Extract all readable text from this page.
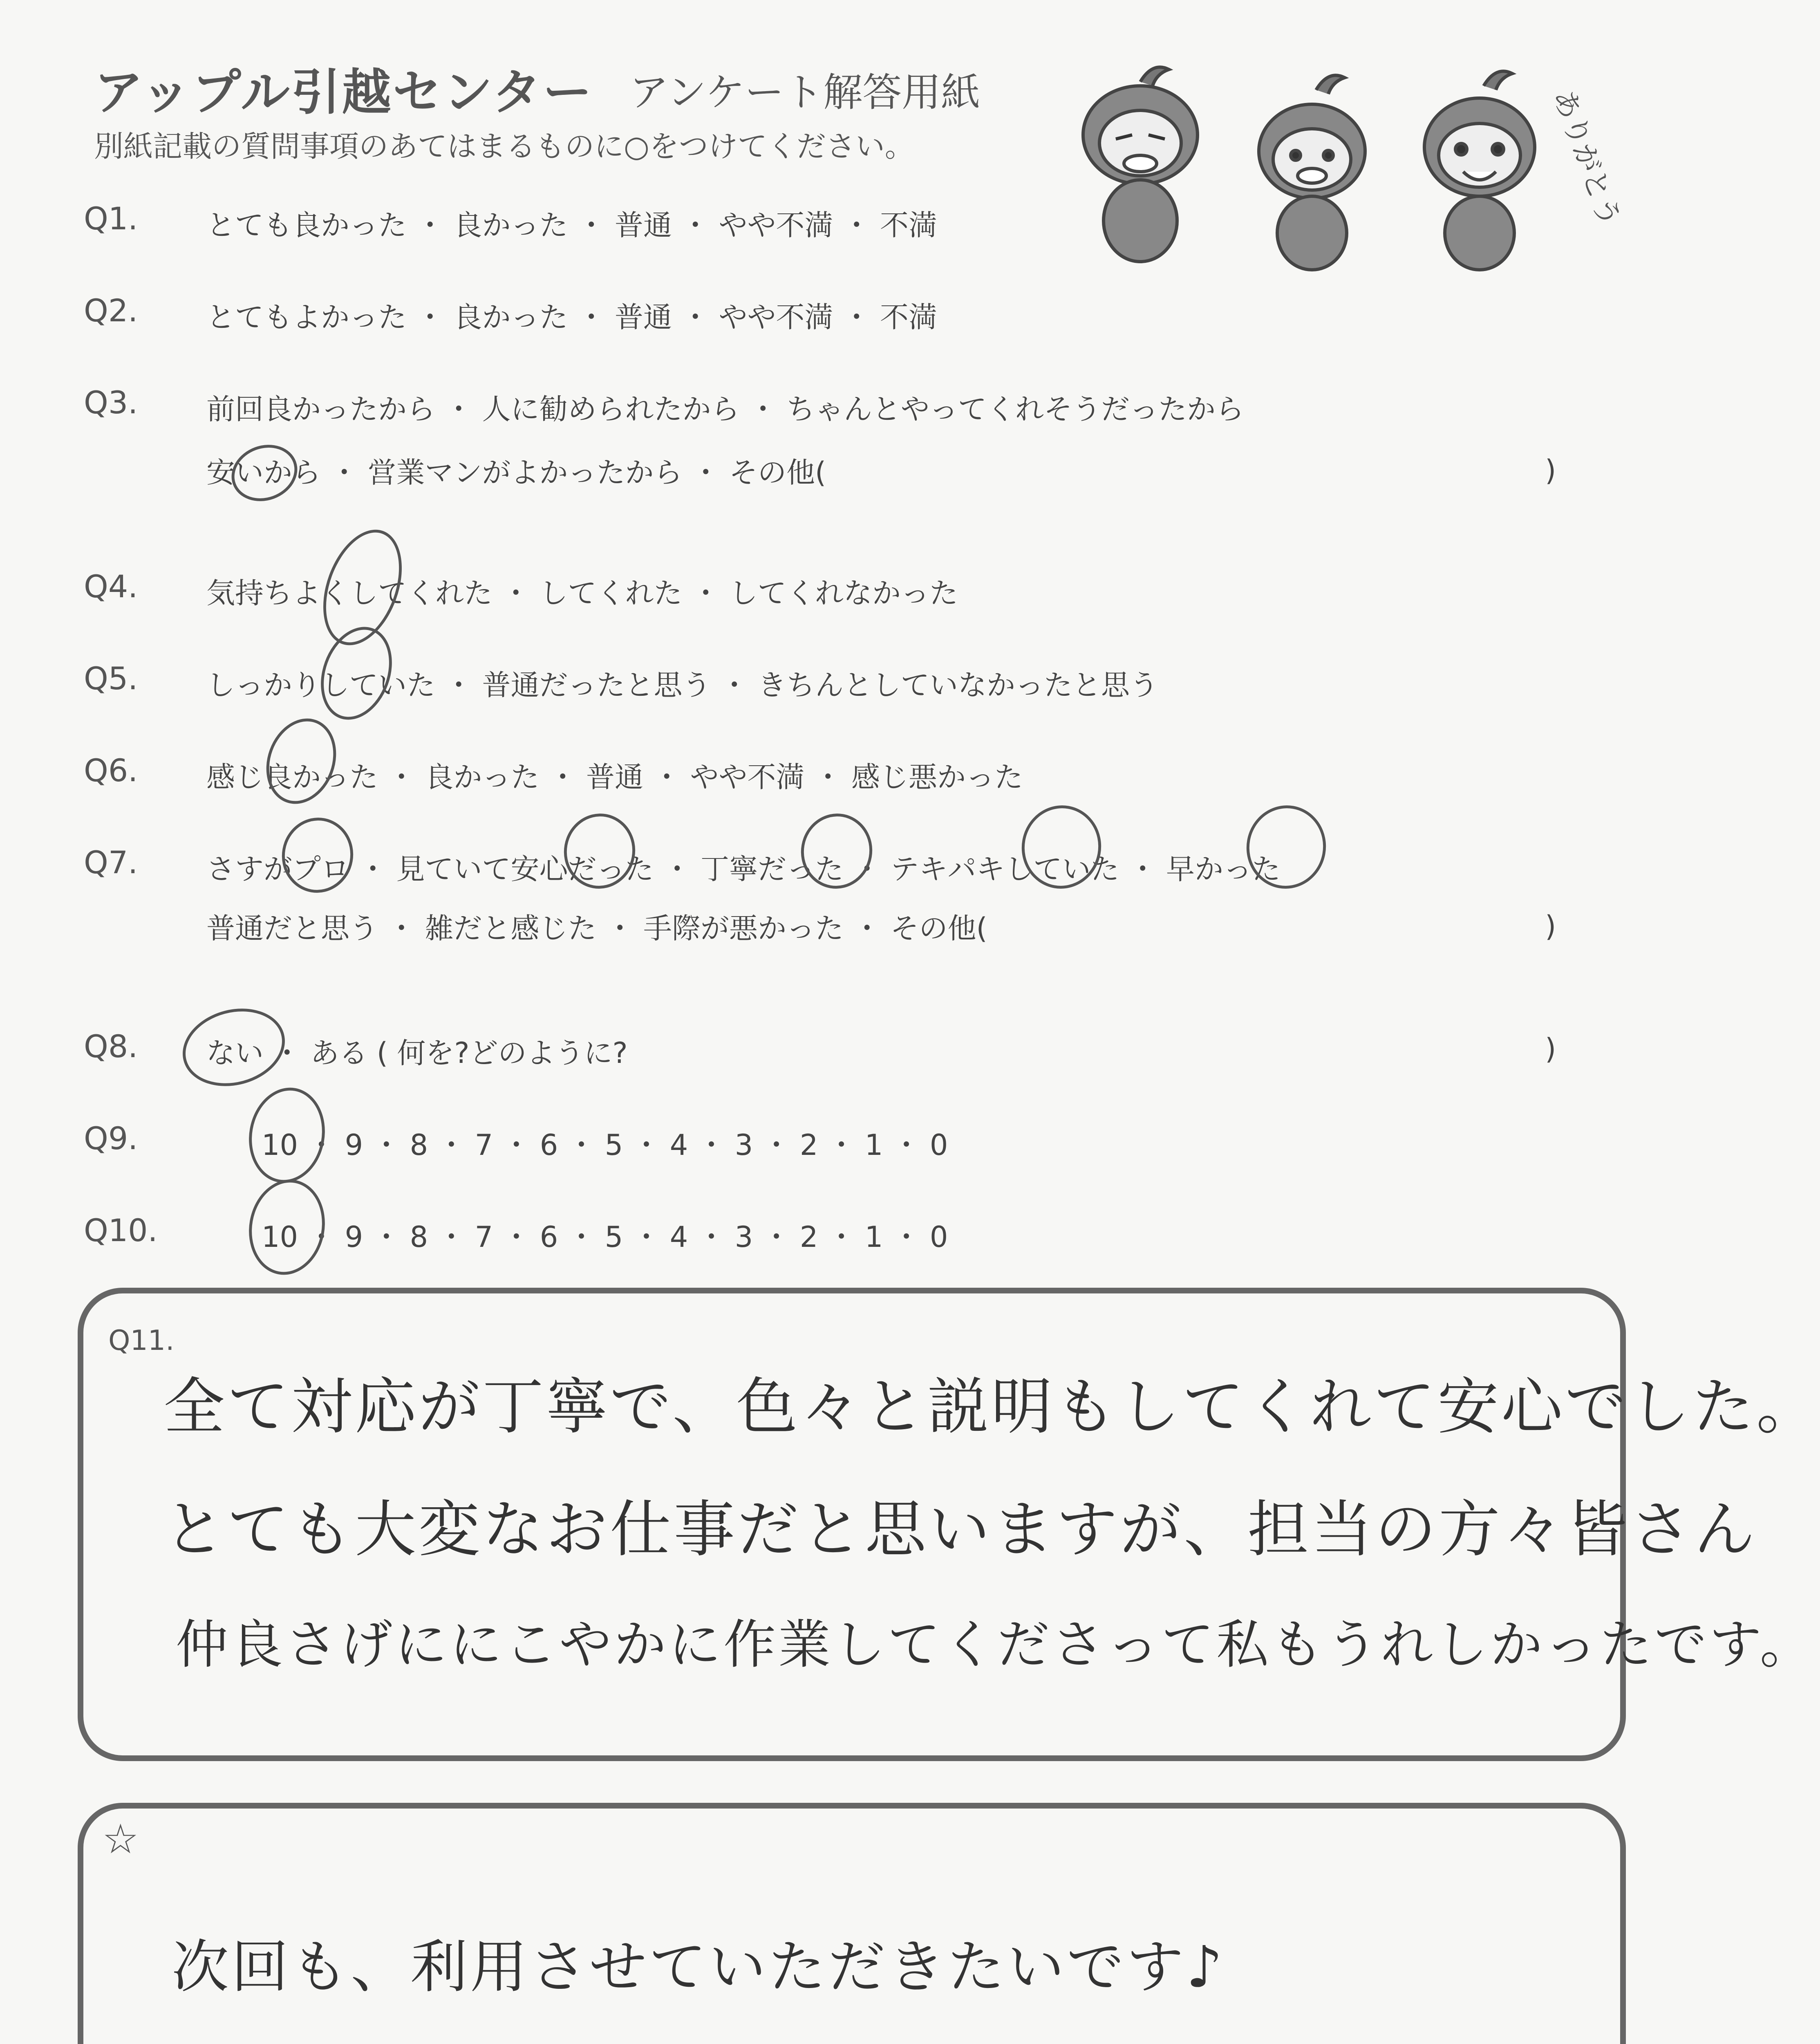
アップル引越センター アンケート解答用紙
別紙記載の質問事項のあてはまるものに○をつけてください。	ありがとう
Q1. とても良かった ・ 良かった ・ 普通 ・ やや不満 ・ 不満
Q2. とてもよかった ・ 良かった ・ 普通 ・ やや不満 ・ 不満
Q3. 前回良かったから ・ 人に勧められたから ・ ちゃんとやってくれそうだったから
安いから ・ 営業マンがよかったから ・ その他(	)
Q4. 気持ちよくしてくれた ・ してくれた ・ してくれなかった
Q5. しっかりしていた ・ 普通だったと思う ・ きちんとしていなかったと思う
Q6. 感じ良かった ・ 良かった ・ 普通 ・ やや不満 ・ 感じ悪かった
Q7. さすがプロ ・ 見ていて安心だった ・ 丁寧だった ・ テキパキしていた ・ 早かった
普通だと思う ・ 雑だと感じた ・ 手際が悪かった ・ その他(	)
Q8. ない ・ ある ( 何を?どのように?	)
Q9.	10 ・ 9 ・ 8 ・ 7 ・ 6 ・ 5 ・ 4 ・ 3 ・ 2 ・ 1 ・ 0
Q10.	10 ・ 9 ・ 8 ・ 7 ・ 6 ・ 5 ・ 4 ・ 3 ・ 2 ・ 1 ・ 0
Q11.
全て対応が丁寧で、色々と説明もしてくれて安心でした。
とても大変なお仕事だと思いますが、担当の方々皆さん
仲良さげににこやかに作業してくださって私もうれしかったです。
☆
次回も、利用させていただきたいです♪
